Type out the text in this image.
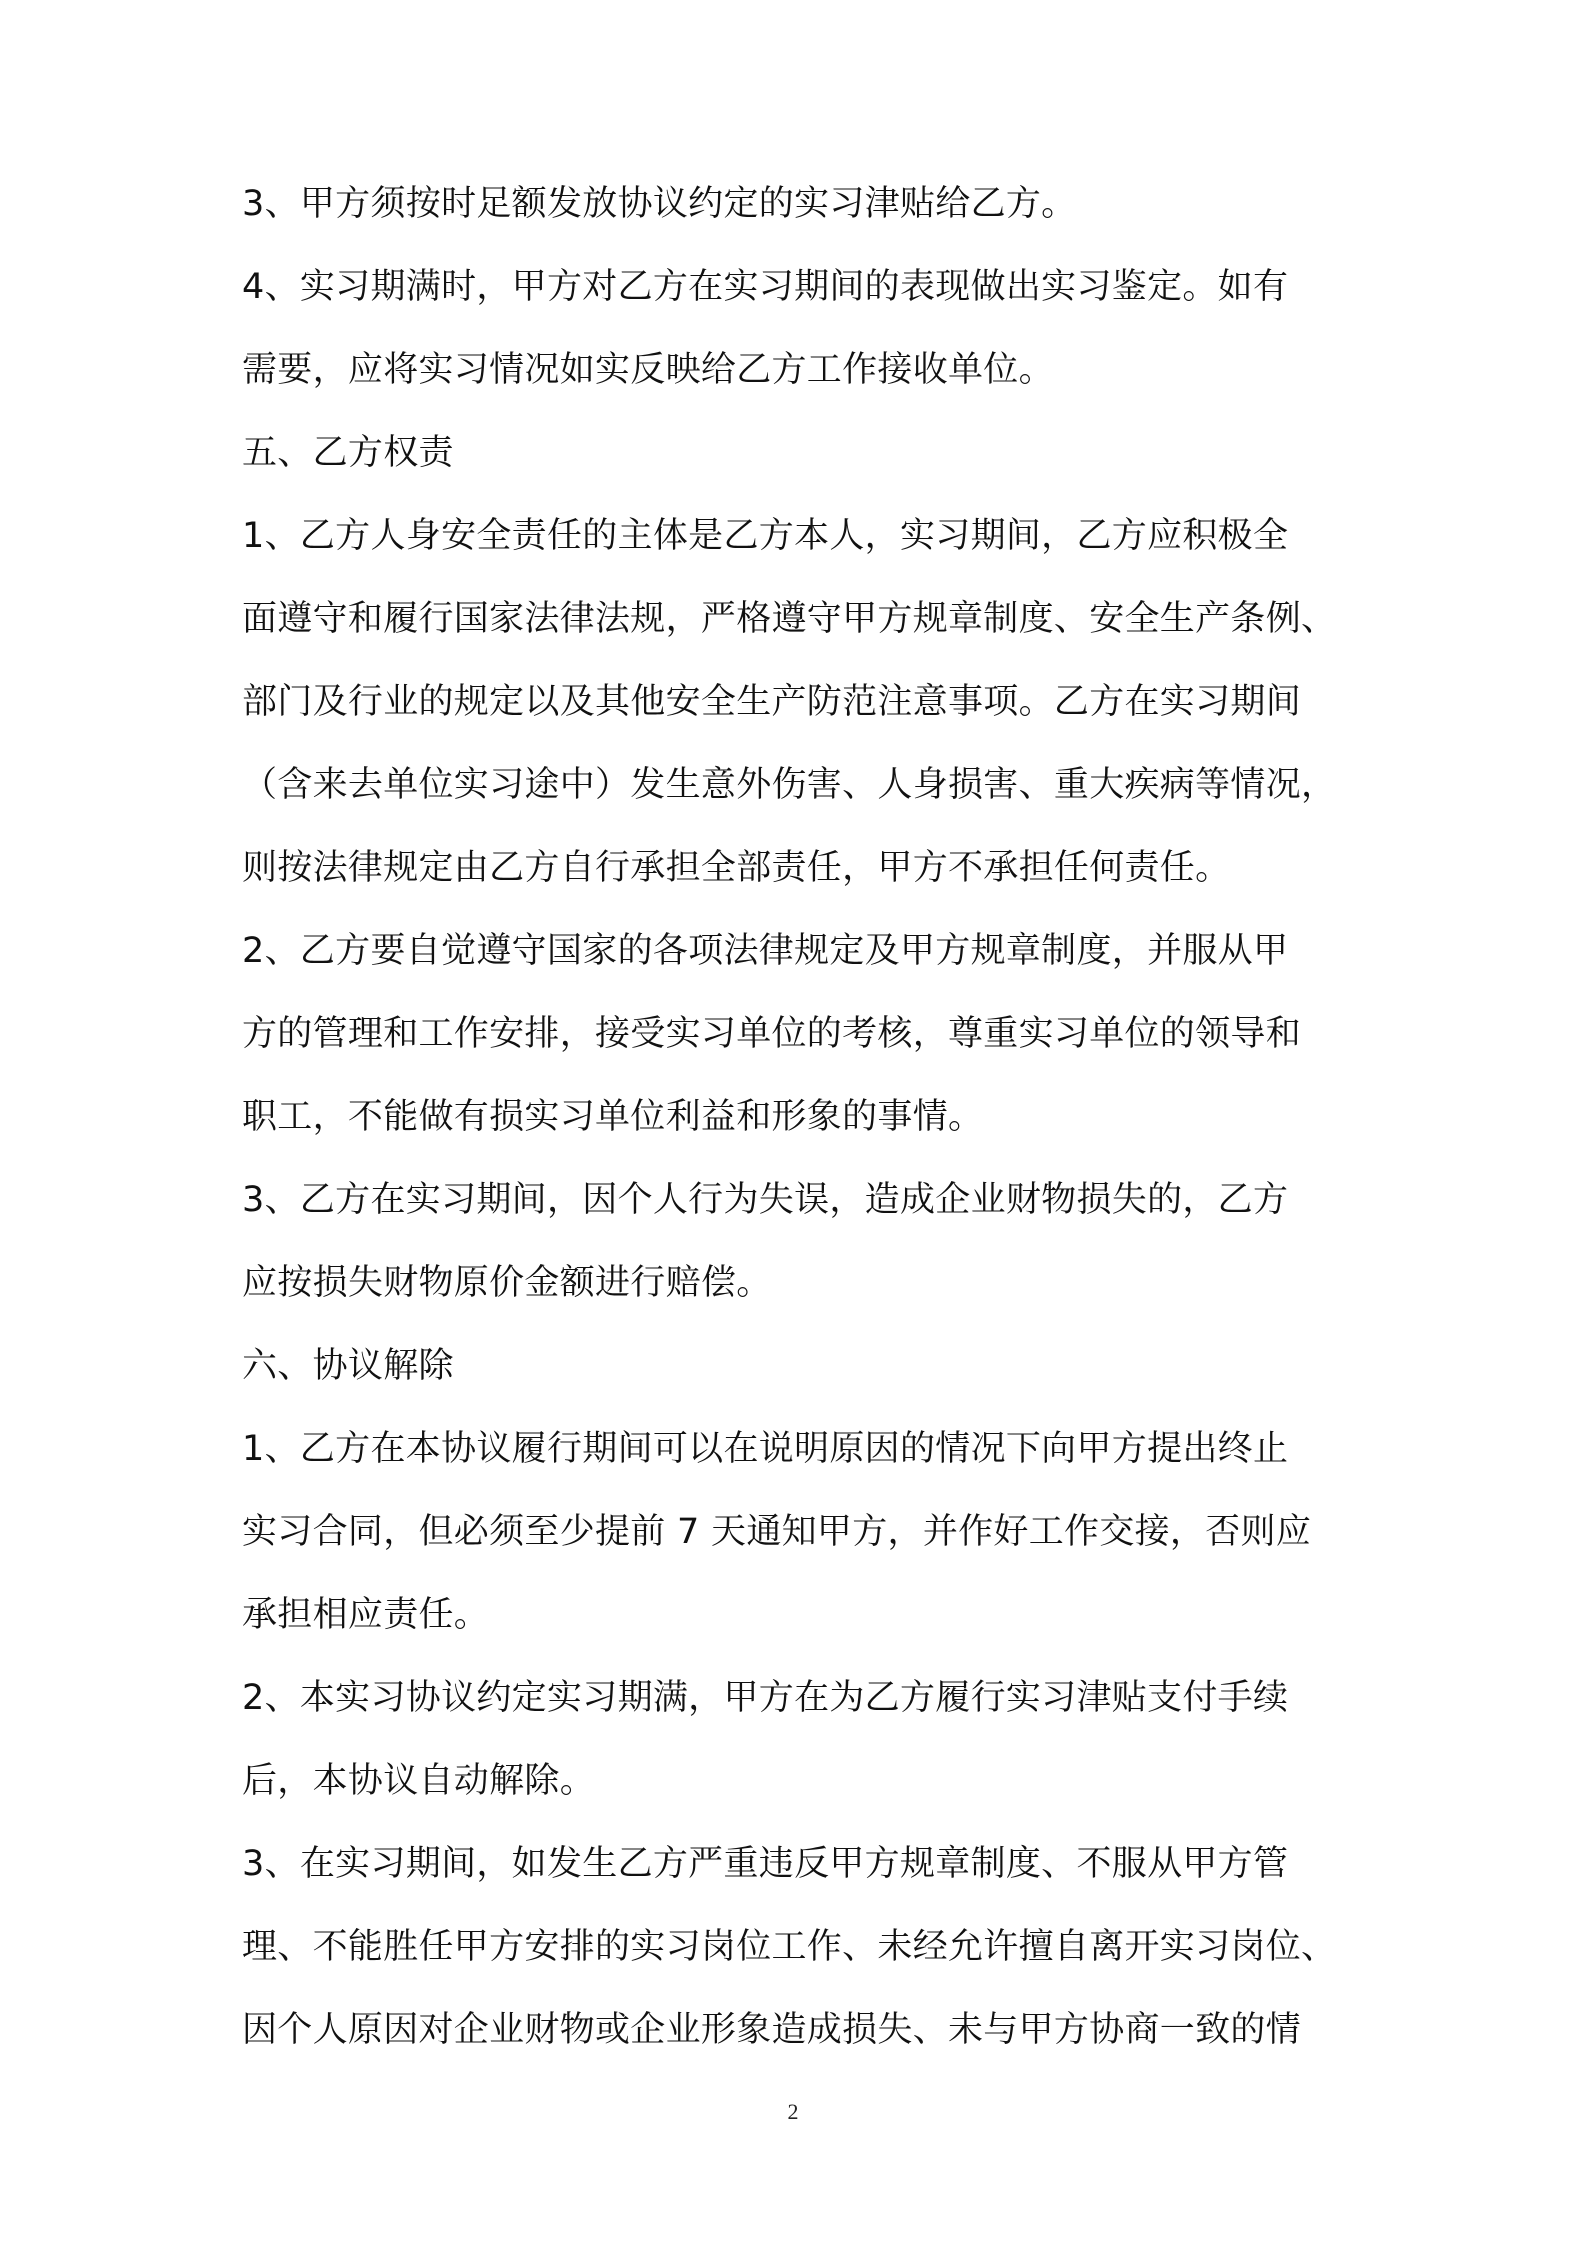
3、甲方须按时足额发放协议约定的实习津贴给乙方。
4、实习期满时，甲方对乙方在实习期间的表现做出实习鉴定。如有
需要，应将实习情况如实反映给乙方工作接收单位。
五、乙方权责
1、乙方人身安全责任的主体是乙方本人，实习期间，乙方应积极全
面遵守和履行国家法律法规，严格遵守甲方规章制度、安全生产条例、
部门及行业的规定以及其他安全生产防范注意事项。乙方在实习期间
（含来去单位实习途中）发生意外伤害、人身损害、重大疾病等情况，
则按法律规定由乙方自行承担全部责任，甲方不承担任何责任。
2、乙方要自觉遵守国家的各项法律规定及甲方规章制度，并服从甲
方的管理和工作安排，接受实习单位的考核，尊重实习单位的领导和
职工，不能做有损实习单位利益和形象的事情。
3、乙方在实习期间，因个人行为失误，造成企业财物损失的，乙方
应按损失财物原价金额进行赔偿。
六、协议解除
1、乙方在本协议履行期间可以在说明原因的情况下向甲方提出终止
实习合同，但必须至少提前 7 天通知甲方，并作好工作交接，否则应
承担相应责任。
2、本实习协议约定实习期满，甲方在为乙方履行实习津贴支付手续
后，本协议自动解除。
3、在实习期间，如发生乙方严重违反甲方规章制度、不服从甲方管
理、不能胜任甲方安排的实习岗位工作、未经允许擅自离开实习岗位、
因个人原因对企业财物或企业形象造成损失、未与甲方协商一致的情
2
